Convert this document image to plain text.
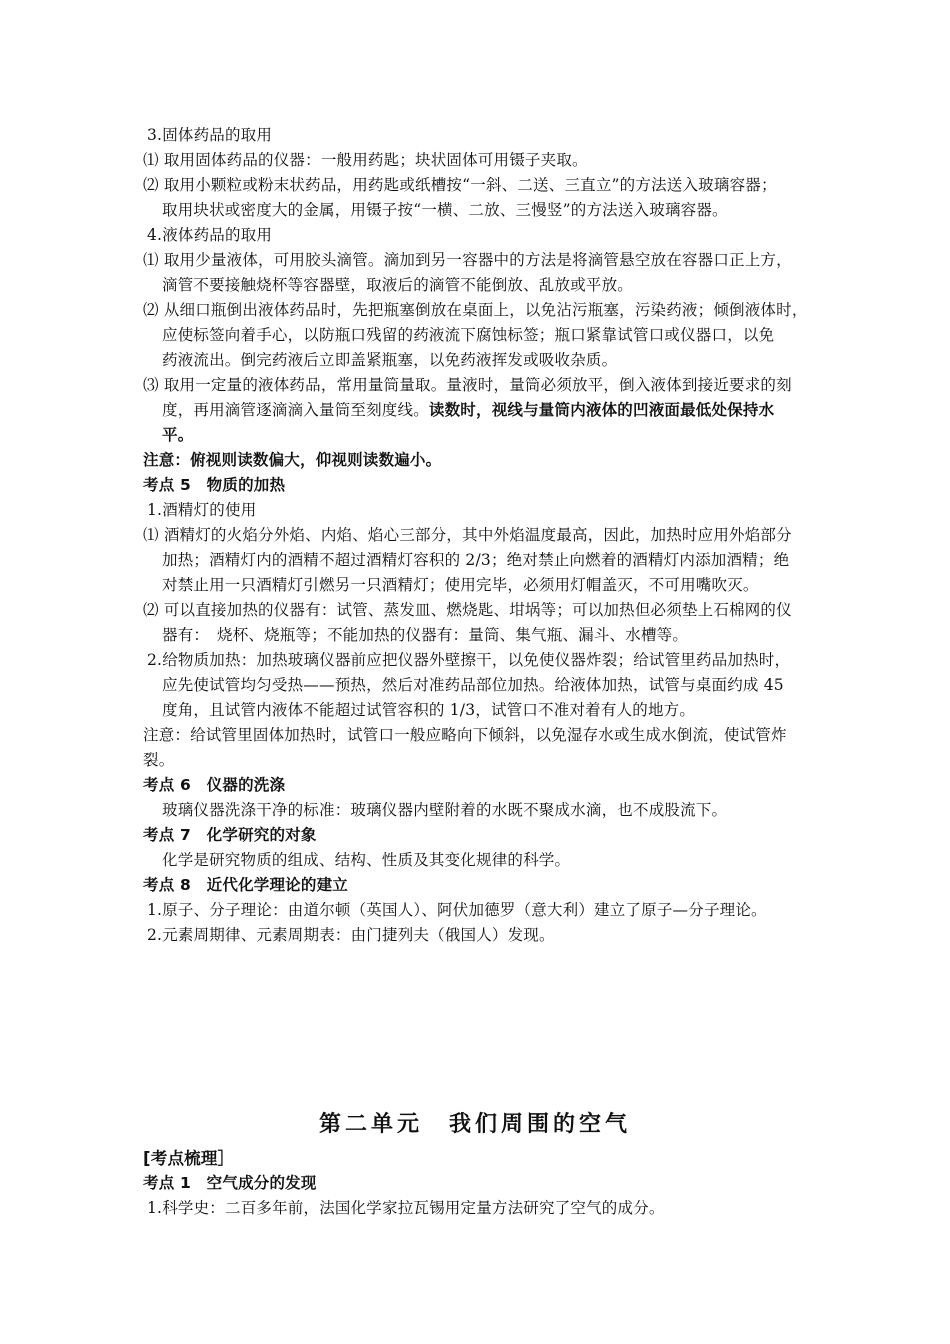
3.固体药品的取用
⑴ 取用固体药品的仪器：一般用药匙；块状固体可用镊子夹取。
⑵ 取用小颗粒或粉末状药品，用药匙或纸槽按“一斜、二送、三直立”的方法送入玻璃容器；
取用块状或密度大的金属，用镊子按“一横、二放、三慢竖”的方法送入玻璃容器。
4.液体药品的取用
⑴ 取用少量液体，可用胶头滴管。滴加到另一容器中的方法是将滴管悬空放在容器口正上方，
滴管不要接触烧杯等容器壁，取液后的滴管不能倒放、乱放或平放。
⑵ 从细口瓶倒出液体药品时，先把瓶塞倒放在桌面上，以免沾污瓶塞，污染药液；倾倒液体时，
应使标签向着手心，以防瓶口残留的药液流下腐蚀标签；瓶口紧靠试管口或仪器口，以免
药液流出。倒完药液后立即盖紧瓶塞，以免药液挥发或吸收杂质。
⑶ 取用一定量的液体药品，常用量筒量取。量液时，量筒必须放平，倒入液体到接近要求的刻
度，再用滴管逐滴滴入量筒至刻度线。读数时，视线与量筒内液体的凹液面最低处保持水
平。
注意：俯视则读数偏大，仰视则读数遍小。
考点 5　物质的加热
1.酒精灯的使用
⑴ 酒精灯的火焰分外焰、内焰、焰心三部分，其中外焰温度最高，因此，加热时应用外焰部分
加热；酒精灯内的酒精不超过酒精灯容积的 2/3；绝对禁止向燃着的酒精灯内添加酒精；绝
对禁止用一只酒精灯引燃另一只酒精灯；使用完毕，必须用灯帽盖灭，不可用嘴吹灭。
⑵ 可以直接加热的仪器有：试管、蒸发皿、燃烧匙、坩埚等；可以加热但必须垫上石棉网的仪
器有：　烧杯、烧瓶等；不能加热的仪器有：量筒、集气瓶、漏斗、水槽等。
2.给物质加热：加热玻璃仪器前应把仪器外壁擦干，以免使仪器炸裂；给试管里药品加热时，
应先使试管均匀受热——预热，然后对准药品部位加热。给液体加热，试管与桌面约成 45
度角，且试管内液体不能超过试管容积的 1/3，试管口不准对着有人的地方。
注意：给试管里固体加热时，试管口一般应略向下倾斜，以免湿存水或生成水倒流，使试管炸
裂。
考点 6　仪器的洗涤
玻璃仪器洗涤干净的标准：玻璃仪器内壁附着的水既不聚成水滴，也不成股流下。
考点 7　化学研究的对象
化学是研究物质的组成、结构、性质及其变化规律的科学。
考点 8　近代化学理论的建立
1.原子、分子理论：由道尔顿（英国人）、阿伏加德罗（意大利）建立了原子—分子理论。
2.元素周期律、元素周期表：由门捷列夫（俄国人）发现。
第二单元　我们周围的空气
[考点梳理］
考点 1　空气成分的发现
1.科学史：二百多年前，法国化学家拉瓦锡用定量方法研究了空气的成分。
